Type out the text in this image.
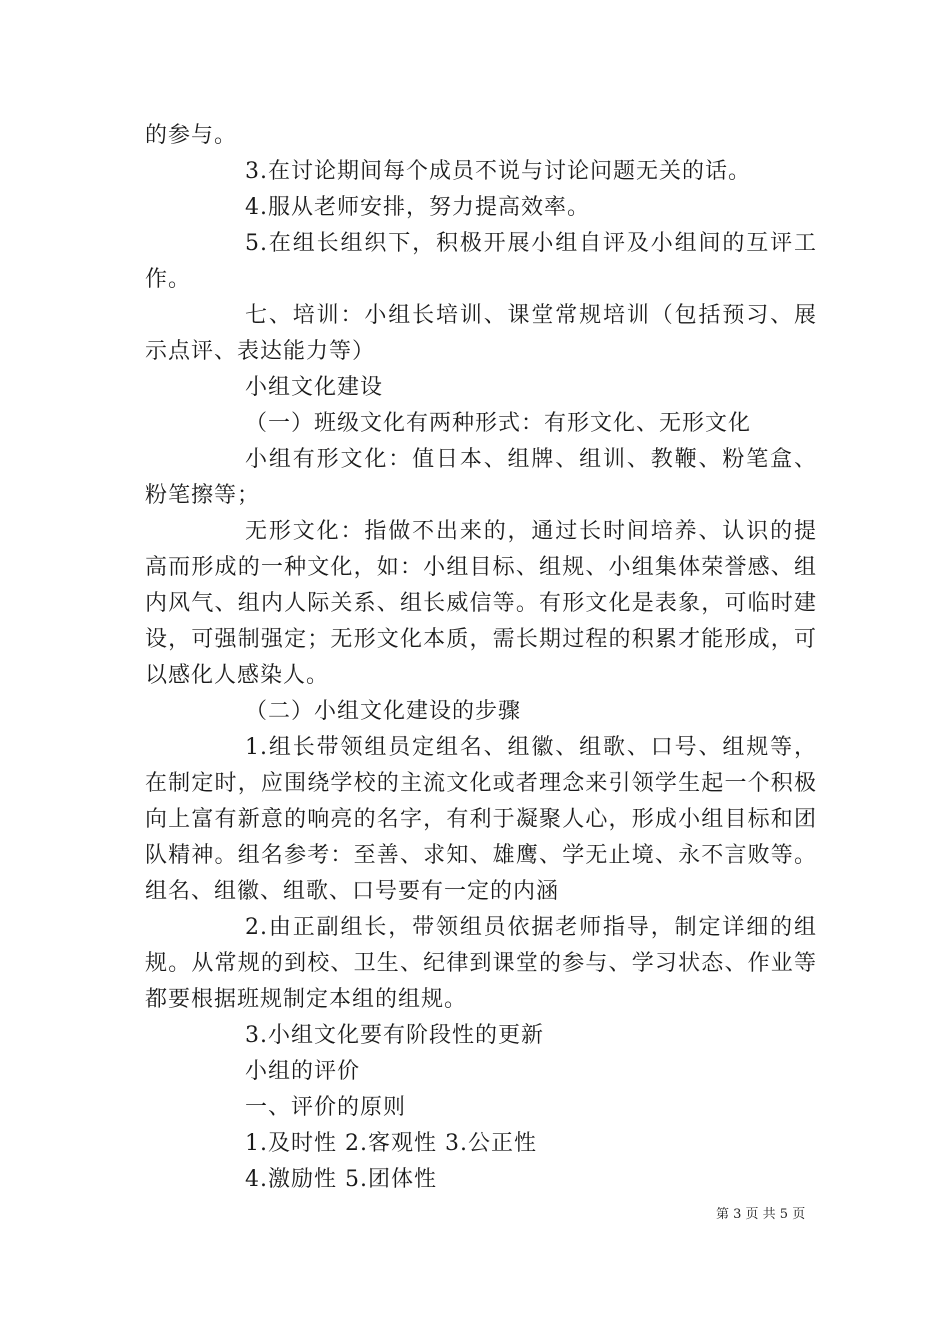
的参与。

3.在讨论期间每个成员不说与讨论问题无关的话。

4.服从老师安排，努力提高效率。

5.在组长组织下，积极开展小组自评及小组间的互评工作。

七、培训：小组长培训、课堂常规培训（包括预习、展示点评、表达能力等）

小组文化建设

（一）班级文化有两种形式：有形文化、无形文化

小组有形文化：值日本、组牌、组训、教鞭、粉笔盒、粉笔擦等；

无形文化：指做不出来的，通过长时间培养、认识的提高而形成的一种文化，如：小组目标、组规、小组集体荣誉感、组内风气、组内人际关系、组长威信等。有形文化是表象，可临时建设，可强制强定；无形文化本质，需长期过程的积累才能形成，可以感化人感染人。

（二）小组文化建设的步骤

1.组长带领组员定组名、组徽、组歌、口号、组规等，在制定时，应围绕学校的主流文化或者理念来引领学生起一个积极向上富有新意的响亮的名字，有利于凝聚人心，形成小组目标和团队精神。组名参考：至善、求知、雄鹰、学无止境、永不言败等。组名、组徽、组歌、口号要有一定的内涵

2.由正副组长，带领组员依据老师指导，制定详细的组规。从常规的到校、卫生、纪律到课堂的参与、学习状态、作业等都要根据班规制定本组的组规。

3.小组文化要有阶段性的更新

小组的评价

一、评价的原则

1.及时性 2.客观性 3.公正性

4.激励性 5.团体性

第 3 页 共 5 页
